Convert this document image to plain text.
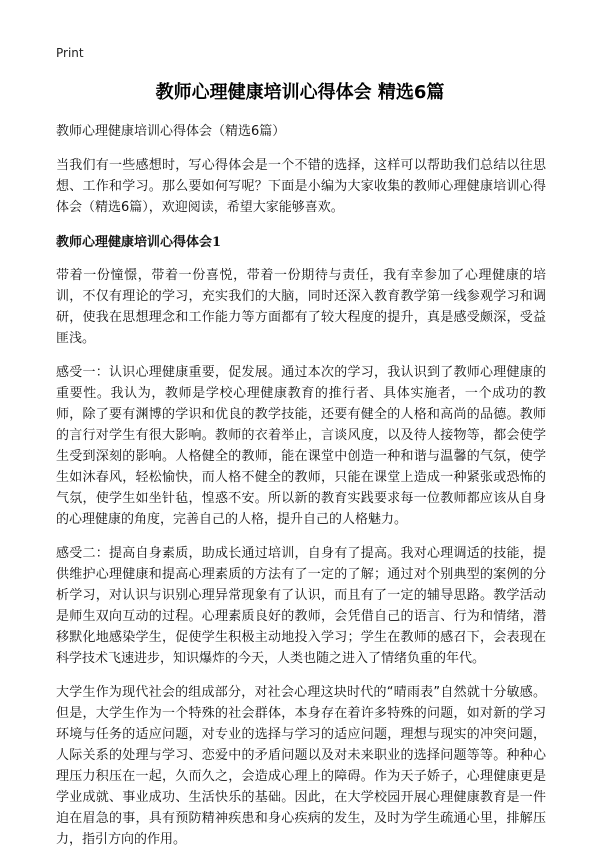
Print
教师心理健康培训心得体会 精选6篇

教师心理健康培训心得体会（精选6篇）

当我们有一些感想时，写心得体会是一个不错的选择，这样可以帮助我们总结以往思想、工作和学习。那么要如何写呢？下面是小编为大家收集的教师心理健康培训心得体会（精选6篇），欢迎阅读，希望大家能够喜欢。

教师心理健康培训心得体会1

带着一份憧憬，带着一份喜悦，带着一份期待与责任，我有幸参加了心理健康的培训，不仅有理论的学习，充实我们的大脑，同时还深入教育教学第一线参观学习和调研，使我在思想理念和工作能力等方面都有了较大程度的提升，真是感受颇深，受益匪浅。

感受一：认识心理健康重要，促发展。通过本次的学习，我认识到了教师心理健康的重要性。我认为，教师是学校心理健康教育的推行者、具体实施者，一个成功的教师，除了要有渊博的学识和优良的教学技能，还要有健全的人格和高尚的品德。教师的言行对学生有很大影响。教师的衣着举止，言谈风度，以及待人接物等，都会使学生受到深刻的影响。人格健全的教师，能在课堂中创造一种和谐与温馨的气氛，使学生如沐春风，轻松愉快，而人格不健全的教师，只能在课堂上造成一种紧张或恐怖的气氛，使学生如坐针毡，惶惑不安。所以新的教育实践要求每一位教师都应该从自身的心理健康的角度，完善自己的人格，提升自己的人格魅力。

感受二：提高自身素质，助成长通过培训，自身有了提高。我对心理调适的技能，提供维护心理健康和提高心理素质的方法有了一定的了解；通过对个别典型的案例的分析学习，对认识与识别心理异常现象有了认识，而且有了一定的辅导思路。教学活动是师生双向互动的过程。心理素质良好的教师，会凭借自己的语言、行为和情绪，潜移默化地感染学生，促使学生积极主动地投入学习；学生在教师的感召下，会表现在科学技术飞速进步，知识爆炸的今天，人类也随之进入了情绪负重的年代。

大学生作为现代社会的组成部分，对社会心理这块时代的“晴雨表”自然就十分敏感。但是，大学生作为一个特殊的社会群体，本身存在着许多特殊的问题，如对新的学习环境与任务的适应问题，对专业的选择与学习的适应问题，理想与现实的冲突问题，人际关系的处理与学习、恋爱中的矛盾问题以及对未来职业的选择问题等等。种种心理压力积压在一起，久而久之，会造成心理上的障碍。作为天子娇子，心理健康更是学业成就、事业成功、生活快乐的基础。因此，在大学校园开展心理健康教育是一件迫在眉急的事，具有预防精神疾患和身心疾病的发生，及时为学生疏通心里，排解压力，指引方向的作用。
